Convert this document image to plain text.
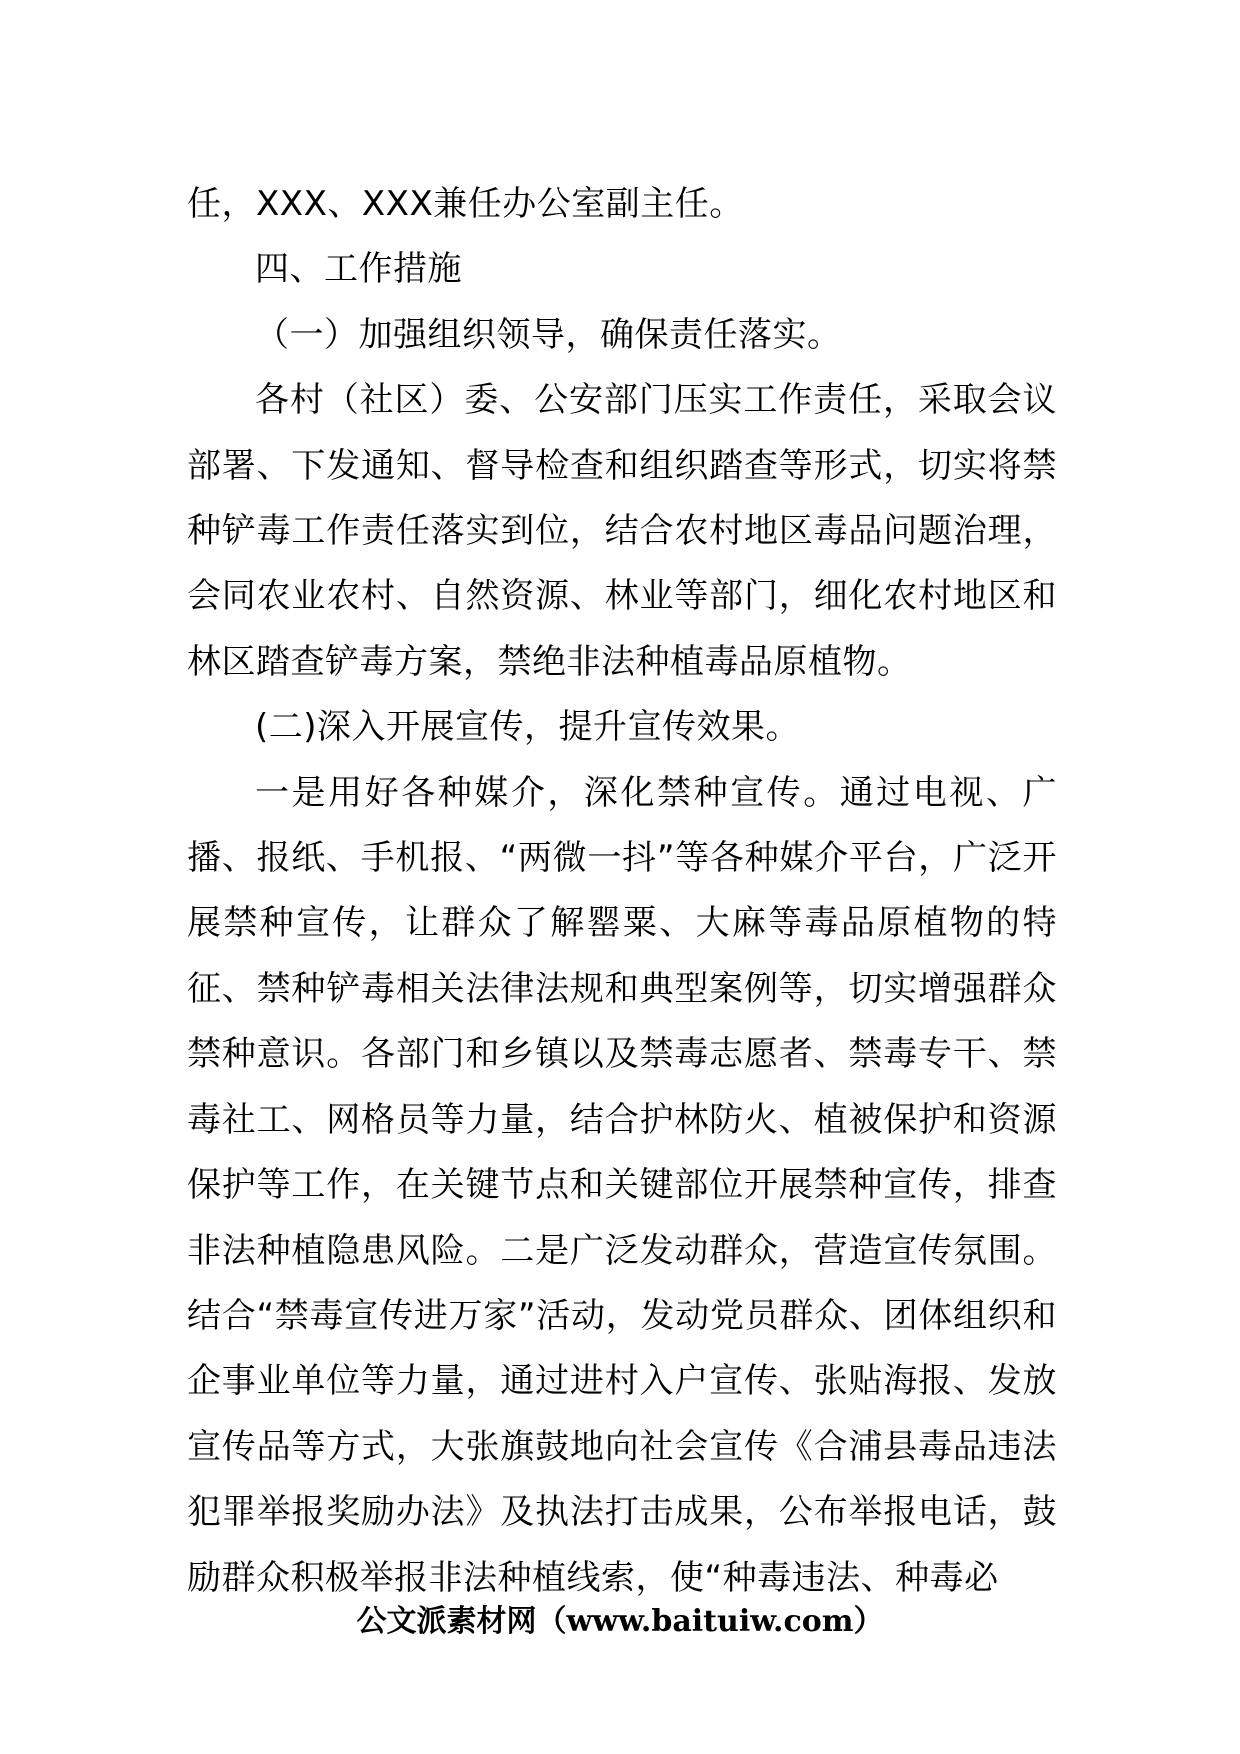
任，XXX、XXX兼任办公室副主任。

四、工作措施

（一）加强组织领导，确保责任落实。

各村（社区）委、公安部门压实工作责任，采取会议部署、下发通知、督导检查和组织踏查等形式，切实将禁种铲毒工作责任落实到位，结合农村地区毒品问题治理，会同农业农村、自然资源、林业等部门，细化农村地区和林区踏查铲毒方案，禁绝非法种植毒品原植物。

(二)深入开展宣传，提升宣传效果。

一是用好各种媒介，深化禁种宣传。通过电视、广播、报纸、手机报、“两微一抖”等各种媒介平台，广泛开展禁种宣传，让群众了解罂粟、大麻等毒品原植物的特征、禁种铲毒相关法律法规和典型案例等，切实增强群众禁种意识。各部门和乡镇以及禁毒志愿者、禁毒专干、禁毒社工、网格员等力量，结合护林防火、植被保护和资源保护等工作，在关键节点和关键部位开展禁种宣传，排查非法种植隐患风险。二是广泛发动群众，营造宣传氛围。结合“禁毒宣传进万家”活动，发动党员群众、团体组织和企事业单位等力量，通过进村入户宣传、张贴海报、发放宣传品等方式，大张旗鼓地向社会宣传《合浦县毒品违法犯罪举报奖励办法》及执法打击成果，公布举报电话，鼓励群众积极举报非法种植线索，使“种毒违法、种毒必

公文派素材网（www.baituiw.com）
